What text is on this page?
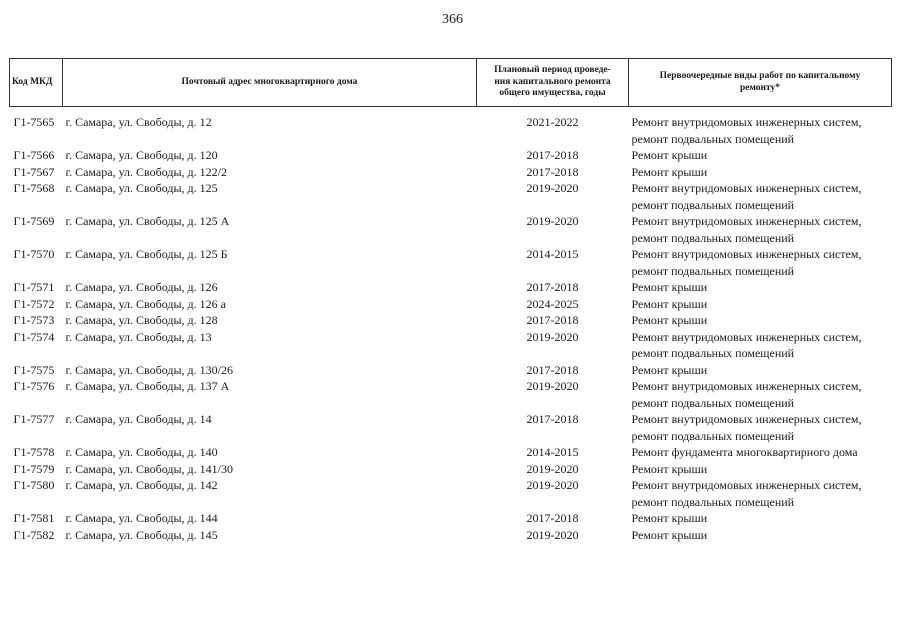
366
Код МКД	Почтовый адрес многоквартирного дома	Плановый период проведе-
ния капитального ремонта
общего имущества, годы	Первоочередные виды работ по капитальному
ремонту*

Г1-7565	г. Самара, ул. Свободы, д. 12	2021-2022	Ремонт внутридомовых инженерных систем,
ремонт подвальных помещений

Г1-7566	г. Самара, ул. Свободы, д. 120	2017-2018	Ремонт крыши

Г1-7567	г. Самара, ул. Свободы, д. 122/2	2017-2018	Ремонт крыши

Г1-7568	г. Самара, ул. Свободы, д. 125	2019-2020	Ремонт внутридомовых инженерных систем,
ремонт подвальных помещений

Г1-7569	г. Самара, ул. Свободы, д. 125 А	2019-2020	Ремонт внутридомовых инженерных систем,
ремонт подвальных помещений

Г1-7570	г. Самара, ул. Свободы, д. 125 Б	2014-2015	Ремонт внутридомовых инженерных систем,
ремонт подвальных помещений

Г1-7571	г. Самара, ул. Свободы, д. 126	2017-2018	Ремонт крыши

Г1-7572	г. Самара, ул. Свободы, д. 126 а	2024-2025	Ремонт крыши

Г1-7573	г. Самара, ул. Свободы, д. 128	2017-2018	Ремонт крыши

Г1-7574	г. Самара, ул. Свободы, д. 13	2019-2020	Ремонт внутридомовых инженерных систем,
ремонт подвальных помещений

Г1-7575	г. Самара, ул. Свободы, д. 130/26	2017-2018	Ремонт крыши

Г1-7576	г. Самара, ул. Свободы, д. 137 А	2019-2020	Ремонт внутридомовых инженерных систем,
ремонт подвальных помещений

Г1-7577	г. Самара, ул. Свободы, д. 14	2017-2018	Ремонт внутридомовых инженерных систем,
ремонт подвальных помещений

Г1-7578	г. Самара, ул. Свободы, д. 140	2014-2015	Ремонт фундамента многоквартирного дома

Г1-7579	г. Самара, ул. Свободы, д. 141/30	2019-2020	Ремонт крыши

Г1-7580	г. Самара, ул. Свободы, д. 142	2019-2020	Ремонт внутридомовых инженерных систем,
ремонт подвальных помещений

Г1-7581	г. Самара, ул. Свободы, д. 144	2017-2018	Ремонт крыши

Г1-7582	г. Самара, ул. Свободы, д. 145	2019-2020	Ремонт крыши
